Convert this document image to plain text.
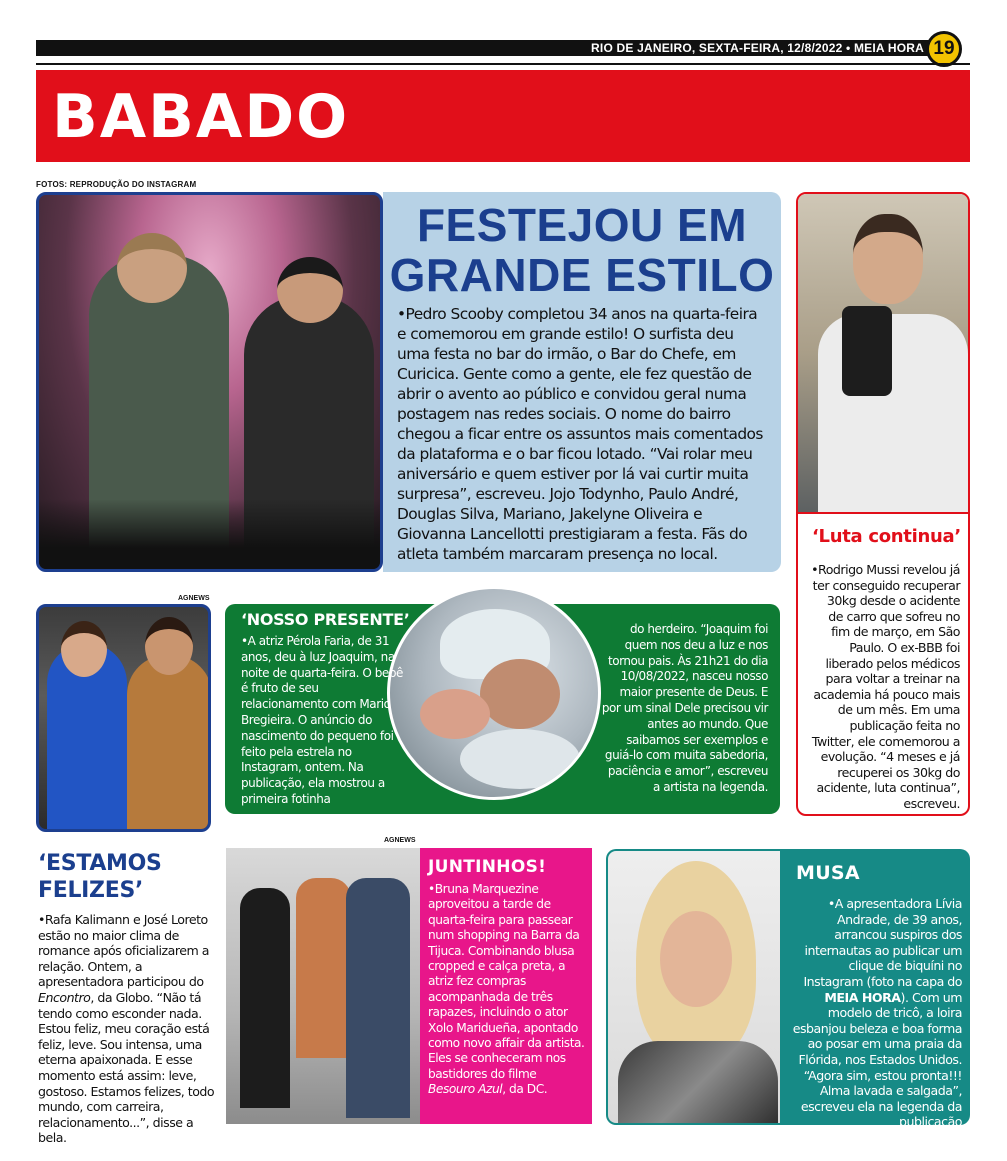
RIO DE JANEIRO, SEXTA-FEIRA, 12/8/2022 • MEIA HORA 19
BABADO
FOTOS: REPRODUÇÃO DO INSTAGRAM
FESTEJOU EM GRANDE ESTILO
•Pedro Scooby completou 34 anos na quarta-feira e comemorou em grande estilo! O surfista deu uma festa no bar do irmão, o Bar do Chefe, em Curicica. Gente como a gente, ele fez questão de abrir o avento ao público e convidou geral numa postagem nas redes sociais. O nome do bairro chegou a ficar entre os assuntos mais comentados da plataforma e o bar ficou lotado. “Vai rolar meu aniversário e quem estiver por lá vai curtir muita surpresa”, escreveu. Jojo Todynho, Paulo André, Douglas Silva, Mariano, Jakelyne Oliveira e Giovanna Lancellotti prestigiaram a festa. Fãs do atleta também marcaram presença no local.
‘Luta continua’
•Rodrigo Mussi revelou já ter conseguido recuperar 30kg desde o acidente de carro que sofreu no fim de março, em São Paulo. O ex-BBB foi liberado pelos médicos para voltar a treinar na academia há pouco mais de um mês. Em uma publicação feita no Twitter, ele comemorou a evolução. “4 meses e já recuperei os 30kg do acidente, luta continua”, escreveu.
AGNEWS
‘NOSSO PRESENTE’
•A atriz Pérola Faria, de 31 anos, deu à luz Joaquim, na noite de quarta-feira. O bebê é fruto de seu relacionamento com Mario Bregieira. O anúncio do nascimento do pequeno foi feito pela estrela no Instagram, ontem. Na publicação, ela mostrou a primeira fotinha
do herdeiro. “Joaquim foi quem nos deu a luz e nos tornou pais. Às 21h21 do dia 10/08/2022, nasceu nosso maior presente de Deus. E por um sinal Dele precisou vir antes ao mundo. Que saibamos ser exemplos e guiá-lo com muita sabedoria, paciência e amor”, escreveu a artista na legenda.
‘ESTAMOS FELIZES’
•Rafa Kalimann e José Loreto estão no maior clima de romance após oficializarem a relação. Ontem, a apresentadora participou do Encontro, da Globo. “Não tá tendo como esconder nada. Estou feliz, meu coração está feliz, leve. Sou intensa, uma eterna apaixonada. E esse momento está assim: leve, gostoso. Estamos felizes, todo mundo, com carreira, relacionamento...”, disse a bela.
AGNEWS
JUNTINHOS!
•Bruna Marquezine aproveitou a tarde de quarta-feira para passear num shopping na Barra da Tijuca. Combinando blusa cropped e calça preta, a atriz fez compras acompanhada de três rapazes, incluindo o ator Xolo Maridueña, apontado como novo affair da artista. Eles se conheceram nos bastidores do filme Besouro Azul, da DC.
MUSA
•A apresentadora Lívia Andrade, de 39 anos, arrancou suspiros dos internautas ao publicar um clique de biquíni no Instagram (foto na capa do MEIA HORA). Com um modelo de tricô, a loira esbanjou beleza e boa forma ao posar em uma praia da Flórida, nos Estados Unidos. “Agora sim, estou pronta!!! Alma lavada e salgada”, escreveu ela na legenda da publicação
